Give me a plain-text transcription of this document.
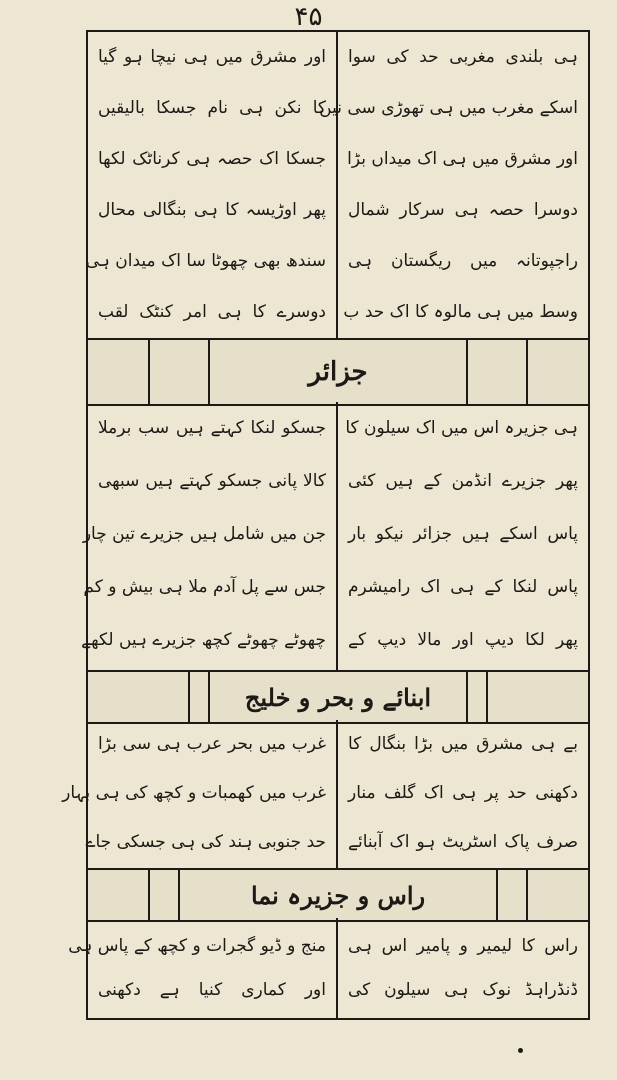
۴۵
ہی بلندی مغربی حد کی سوا
اسکے مغرب میں ہی تھوڑی سی نیں
اور مشرق میں ہی اک میداں بڑا
دوسرا حصہ ہی سرکار شمال
راجپوتانہ میں ریگستان ہی
وسط میں ہی مالوہ کا اک حد ب
اور مشرق میں ہی نیچا ہو گیا
کا نکن ہی نام جسکا بالیقیں
جسکا اک حصہ ہی کرناٹک لکھا
پھر اوڑیسہ کا ہی بنگالی محال
سندھ بھی چھوٹا سا اک میدان ہی
دوسرے کا ہی امر کنٹک لقب
جزائر
ہی جزیرہ اس میں اک سیلون کا
پھر جزیرے انڈمن کے ہیں کئی
پاس اسکے ہیں جزائر نیکو بار
پاس لنکا کے ہی اک رامیشرم
پھر لکا دیپ اور مالا دیپ کے
جسکو لنکا کہتے ہیں سب برملا
کالا پانی جسکو کہتے ہیں سبھی
جن میں شامل ہیں جزیرے تین چار
جس سے پل آدم ملا ہی بیش و کم
چھوٹے چھوٹے کچھ جزیرے ہیں لکھے
ابنائے و بحر و خلیج
بے ہی مشرق میں بڑا بنگال کا
دکھنی حد پر ہی اک گلف منار
صرف پاک اسٹریٹ ہو اک آبنائے
غرب میں بحر عرب ہی سی بڑا
غرب میں کھمبات و کچھ کی ہی بہار
حد جنوبی ہند کی ہی جسکی جاے
راس و جزیرہ نما
راس کا لیمیر و پامیر اس ہی
ڈنڈراہڈ نوک ہی سیلون کی
منج و ڈیو گجرات و کچھ کے پاس ہی
اور کماری کنیا ہے دکھنی
